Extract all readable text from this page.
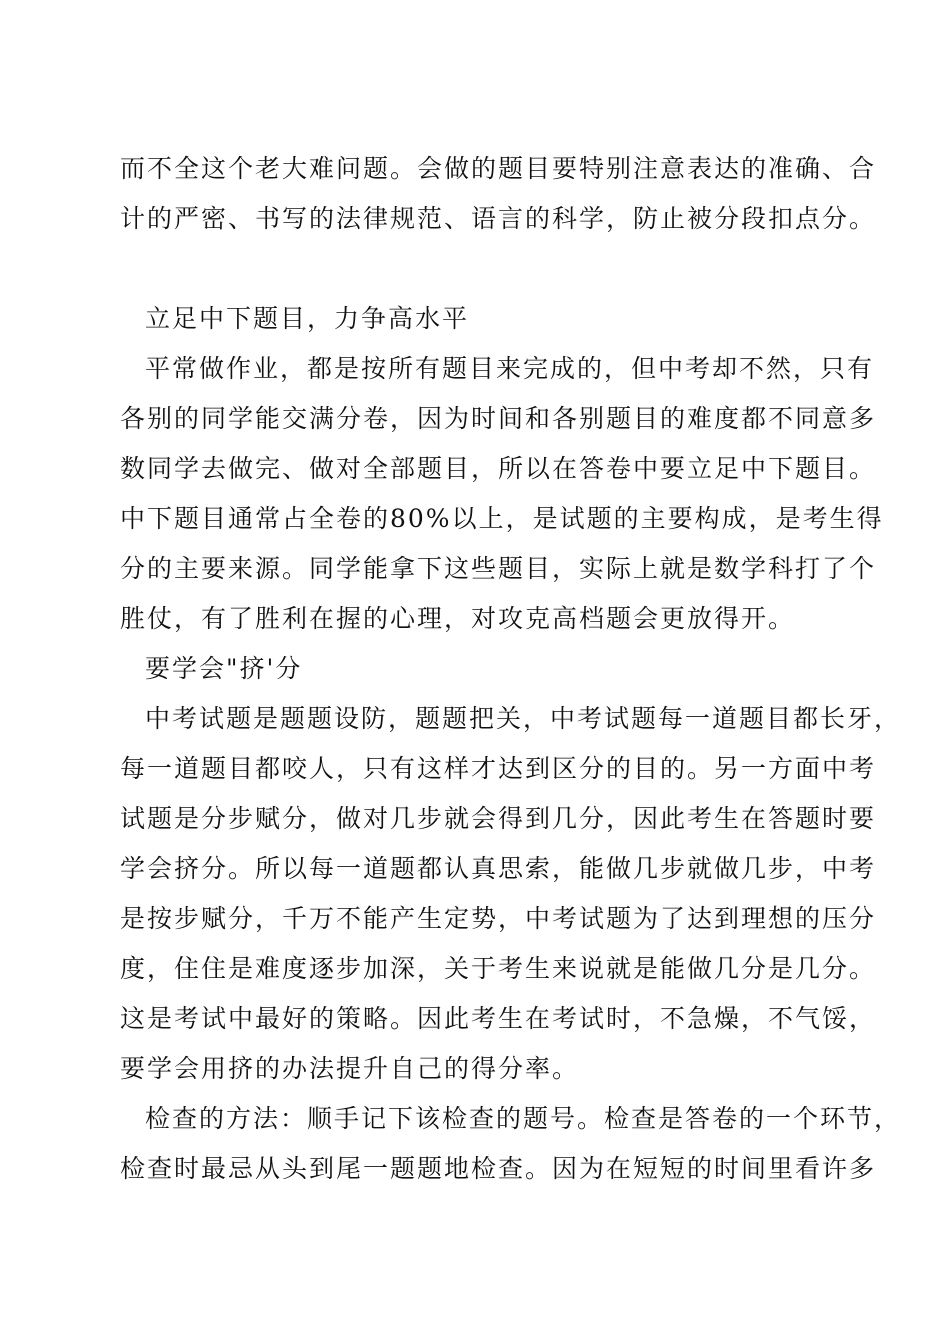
而不全这个老大难问题。会做的题目要特别注意表达的准确、合
计的严密、书写的法律规范、语言的科学，防止被分段扣点分。
立足中下题目，力争高水平
平常做作业，都是按所有题目来完成的，但中考却不然，只有
各别的同学能交满分卷，因为时间和各别题目的难度都不同意多
数同学去做完、做对全部题目，所以在答卷中要立足中下题目。
中下题目通常占全卷的80%以上，是试题的主要构成，是考生得
分的主要来源。同学能拿下这些题目，实际上就是数学科打了个
胜仗，有了胜利在握的心理，对攻克高档题会更放得开。
要学会"挤'分
中考试题是题题设防，题题把关，中考试题每一道题目都长牙，
每一道题目都咬人，只有这样才达到区分的目的。另一方面中考
试题是分步赋分，做对几步就会得到几分，因此考生在答题时要
学会挤分。所以每一道题都认真思索，能做几步就做几步，中考
是按步赋分，千万不能产生定势，中考试题为了达到理想的压分
度，住住是难度逐步加深，关于考生来说就是能做几分是几分。
这是考试中最好的策略。因此考生在考试时，不急燥，不气馁，
要学会用挤的办法提升自己的得分率。
检查的方法：顺手记下该检查的题号。检查是答卷的一个环节，
检查时最忌从头到尾一题题地检查。因为在短短的时间里看许多
